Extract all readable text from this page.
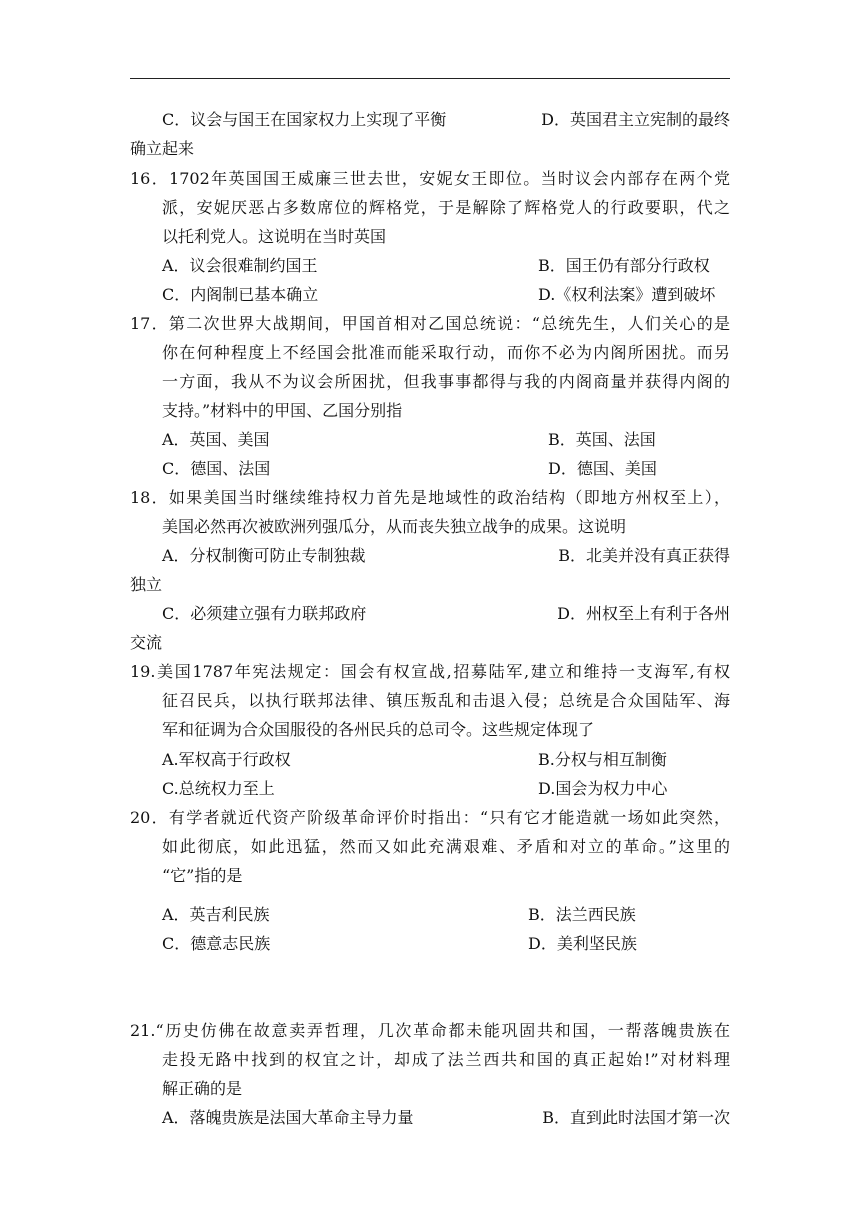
C．议会与国王在国家权力上实现了平衡	D．英国君主立宪制的最终
确立起来
16．1702年英国国王威廉三世去世，安妮女王即位。当时议会内部存在两个党
派，安妮厌恶占多数席位的辉格党，于是解除了辉格党人的行政要职，代之
以托利党人。这说明在当时英国
A．议会很难制约国王	B．国王仍有部分行政权
C．内阁制已基本确立	D.《权利法案》遭到破坏
17．第二次世界大战期间，甲国首相对乙国总统说：“总统先生，人们关心的是
你在何种程度上不经国会批准而能采取行动，而你不必为内阁所困扰。而另
一方面，我从不为议会所困扰，但我事事都得与我的内阁商量并获得内阁的
支持。”材料中的甲国、乙国分别指
A．英国、美国	B．英国、法国
C．德国、法国	D．德国、美国
18．如果美国当时继续维持权力首先是地域性的政治结构（即地方州权至上），
美国必然再次被欧洲列强瓜分，从而丧失独立战争的成果。这说明
A．分权制衡可防止专制独裁	B．北美并没有真正获得
独立
C．必须建立强有力联邦政府	D．州权至上有利于各州
交流
19.美国1787年宪法规定：国会有权宣战,招募陆军,建立和维持一支海军,有权
征召民兵，以执行联邦法律、镇压叛乱和击退入侵；总统是合众国陆军、海
军和征调为合众国服役的各州民兵的总司令。这些规定体现了
A.军权高于行政权	B.分权与相互制衡
C.总统权力至上	D.国会为权力中心
20．有学者就近代资产阶级革命评价时指出：“只有它才能造就一场如此突然，
如此彻底，如此迅猛，然而又如此充满艰难、矛盾和对立的革命。”这里的
“它”指的是
A．英吉利民族	B．法兰西民族
C．德意志民族	D．美利坚民族
21.“历史仿佛在故意卖弄哲理，几次革命都未能巩固共和国，一帮落魄贵族在
走投无路中找到的权宜之计，却成了法兰西共和国的真正起始!”对材料理
解正确的是
A．落魄贵族是法国大革命主导力量	B．直到此时法国才第一次
